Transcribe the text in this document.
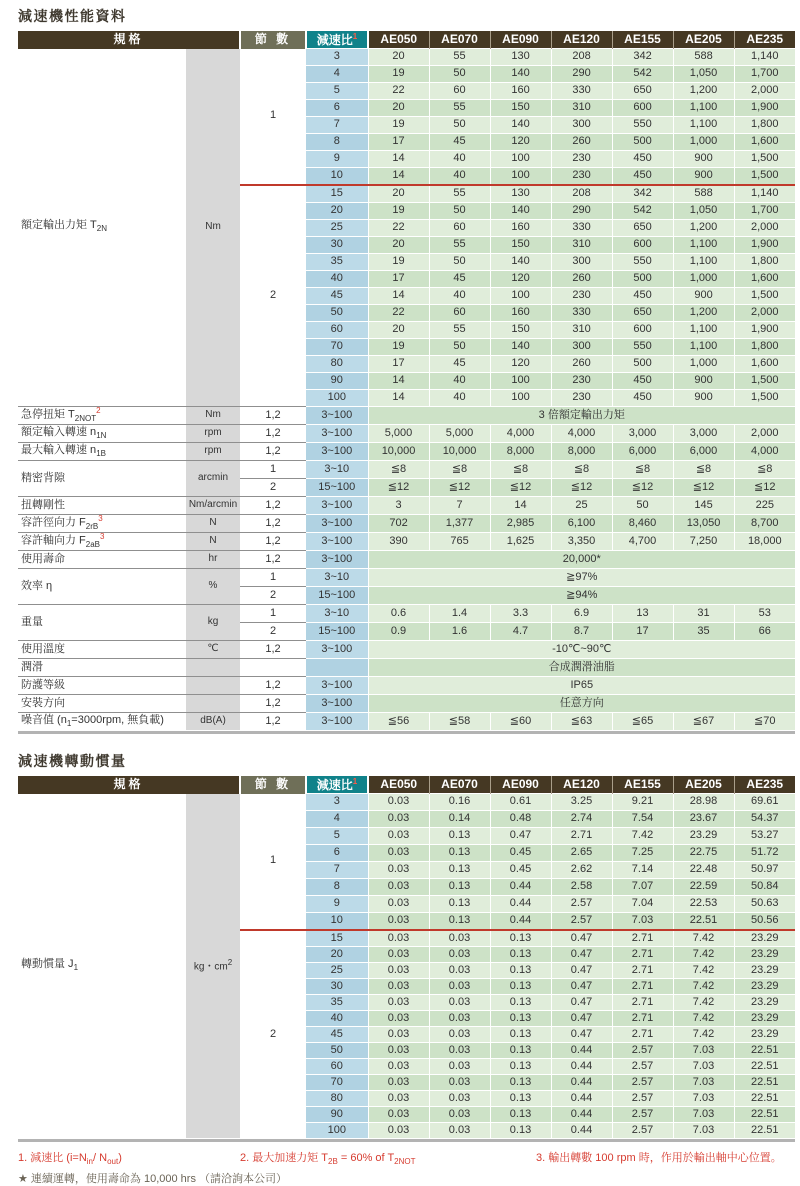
減速機性能資料
規格		節 數	減速比$^1$	AE050	AE070	AE090	AE120	AE155	AE205	AE235
額定輸出力矩 $T_{2N}$	Nm	1	3	20	55	130	208	342	588	1,140
			4	19	50	140	290	542	1,050	1,700
			5	22	60	160	330	650	1,200	2,000
			6	20	55	150	310	600	1,100	1,900
			7	19	50	140	300	550	1,100	1,800
			8	17	45	120	260	500	1,000	1,600
			9	14	40	100	230	450	900	1,500
			10	14	40	100	230	450	900	1,500
		2	15	20	55	130	208	342	588	1,140
			20	19	50	140	290	542	1,050	1,700
			25	22	60	160	330	650	1,200	2,000
			30	20	55	150	310	600	1,100	1,900
			35	19	50	140	300	550	1,100	1,800
			40	17	45	120	260	500	1,000	1,600
			45	14	40	100	230	450	900	1,500
			50	22	60	160	330	650	1,200	2,000
			60	20	55	150	310	600	1,100	1,900
			70	19	50	140	300	550	1,100	1,800
			80	17	45	120	260	500	1,000	1,600
			90	14	40	100	230	450	900	1,500
			100	14	40	100	230	450	900	1,500
急停扭矩 $T_{2NOT}^2$	Nm	1,2	3~100	3 倍額定輸出力矩						
額定輸入轉速 $n_{1N}$	rpm	1,2	3~100	5,000	5,000	4,000	4,000	3,000	3,000	2,000
最大輸入轉速 $n_{1B}$	rpm	1,2	3~100	10,000	10,000	8,000	8,000	6,000	6,000	4,000
精密背隙	arcmin	1	3~10	≦8	≦8	≦8	≦8	≦8	≦8	≦8
		2	15~100	≦12	≦12	≦12	≦12	≦12	≦12	≦12
扭轉剛性	Nm/arcmin	1,2	3~100	3	7	14	25	50	145	225
容許徑向力 $F_{2rB}^3$	N	1,2	3~100	702	1,377	2,985	6,100	8,460	13,050	8,700
容許軸向力 $F_{2aB}^3$	N	1,2	3~100	390	765	1,625	3,350	4,700	7,250	18,000
使用壽命	hr	1,2	3~100	20,000*						
效率 η	%	1	3~10	≧97%						
		2	15~100	≧94%						
重量	kg	1	3~10	0.6	1.4	3.3	6.9	13	31	53
		2	15~100	0.9	1.6	4.7	8.7	17	35	66
使用溫度	℃	1,2	3~100	-10℃~90℃						
潤滑				合成潤滑油脂						
防護等級		1,2	3~100	IP65						
安裝方向		1,2	3~100	任意方向						
噪音值 ($n_1=3000rpm$, 無負載)	dB(A)	1,2	3~100	≦56	≦58	≦60	≦63	≦65	≦67	≦70
減速機轉動慣量
規格		節 數	減速比$^1$	AE050	AE070	AE090	AE120	AE155	AE205	AE235
轉動慣量 $J_1$	kg・$cm^2$	1	3	0.03	0.16	0.61	3.25	9.21	28.98	69.61
			4	0.03	0.14	0.48	2.74	7.54	23.67	54.37
			5	0.03	0.13	0.47	2.71	7.42	23.29	53.27
			6	0.03	0.13	0.45	2.65	7.25	22.75	51.72
			7	0.03	0.13	0.45	2.62	7.14	22.48	50.97
			8	0.03	0.13	0.44	2.58	7.07	22.59	50.84
			9	0.03	0.13	0.44	2.57	7.04	22.53	50.63
			10	0.03	0.13	0.44	2.57	7.03	22.51	50.56
		2	15	0.03	0.03	0.13	0.47	2.71	7.42	23.29
			20	0.03	0.03	0.13	0.47	2.71	7.42	23.29
			25	0.03	0.03	0.13	0.47	2.71	7.42	23.29
			30	0.03	0.03	0.13	0.47	2.71	7.42	23.29
			35	0.03	0.03	0.13	0.47	2.71	7.42	23.29
			40	0.03	0.03	0.13	0.47	2.71	7.42	23.29
			45	0.03	0.03	0.13	0.47	2.71	7.42	23.29
			50	0.03	0.03	0.13	0.44	2.57	7.03	22.51
			60	0.03	0.03	0.13	0.44	2.57	7.03	22.51
			70	0.03	0.03	0.13	0.44	2.57	7.03	22.51
			80	0.03	0.03	0.13	0.44	2.57	7.03	22.51
			90	0.03	0.03	0.13	0.44	2.57	7.03	22.51
			100	0.03	0.03	0.13	0.44	2.57	7.03	22.51
1. 減速比 ($i=N_{in}/$ $N_{out}$)	2. 最大加速力矩 $T_{2B} = 60\%$ of $T_{2NOT}$	3. 輸出轉數 100 rpm 時，作用於輸出軸中心位置。
★ 連續運轉，使用壽命為 10,000 hrs （請洽詢本公司）
